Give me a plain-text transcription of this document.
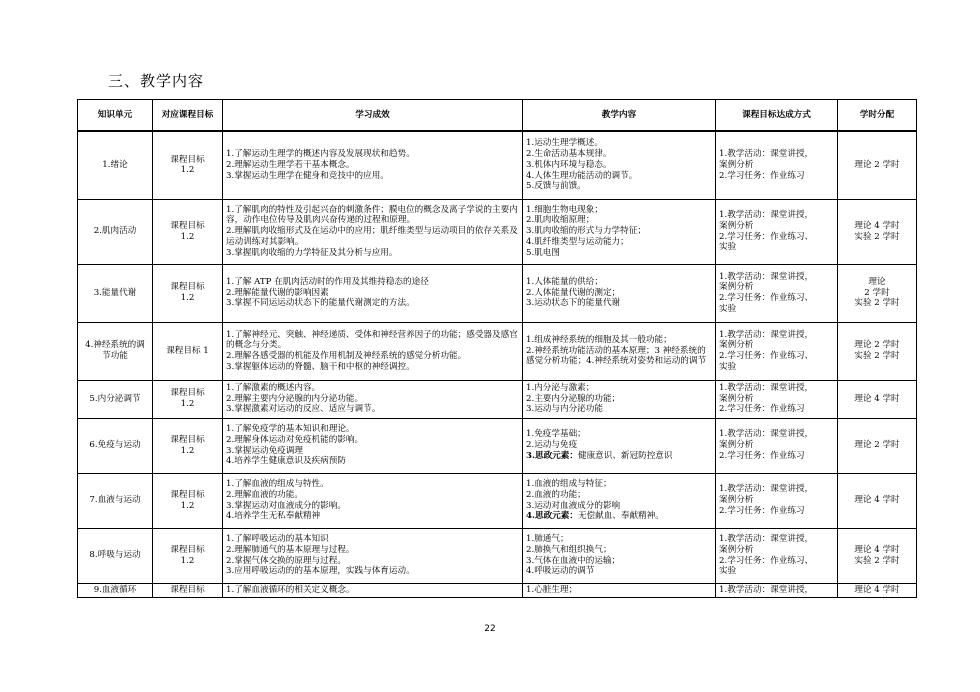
三、教学内容
知识单元	对应课程目标	学习成效	教学内容	课程目标达成方式	学时分配

1.绪论	课程目标
1.2	1.了解运动生理学的概述内容及发展现状和趋势。
2.理解运动生理学若干基本概念。
3.掌握运动生理学在健身和竞技中的应用。	1.运动生理学概述。
2.生命活动基本规律。
3.机体内环境与稳态。
4.人体生理功能活动的调节。
5.反馈与前馈。	1.教学活动：课堂讲授，
案例分析
2.学习任务：作业练习	理论 2 学时

2.肌肉活动	课程目标
1.2	1.了解肌肉的特性及引起兴奋的刺激条件；膜电位的概念及离子学说的主要内容，动作电位传导及肌肉兴奋传递的过程和原理。
2.理解肌肉收缩形式及在运动中的应用；肌纤维类型与运动项目的依存关系及运动训练对其影响。
3.掌握肌肉收缩的力学特征及其分析与应用。	1.细胞生物电现象；
2.肌肉收缩原理；
3.肌肉收缩的形式与力学特征；
4.肌纤维类型与运动能力；
5.肌电图	1.教学活动：课堂讲授，
案例分析
2.学习任务：作业练习、
实验	理论 4 学时
实验 2 学时

3.能量代谢	课程目标
1.2	1.了解 ATP 在肌肉活动时的作用及其维持稳态的途径
2.理解能量代谢的影响因素
3.掌握不同运运动状态下的能量代谢测定的方法。	1.人体能量的供给；
2.人体能量代谢的测定；
3.运动状态下的能量代谢	1.教学活动：课堂讲授，
案例分析
2.学习任务：作业练习、
实验	理论
2 学时
实验 2 学时

4.神经系统的调节功能	课程目标 1	1.了解神经元、突触、神经递质、受体和神经营养因子的功能；感受器及感官的概念与分类。
2.理解各感受器的机能及作用机制及神经系统的感觉分析功能。
3.掌握躯体运动的脊髓、脑干和中枢的神经调控。	1.组成神经系统的细胞及其一般功能；
2.神经系统功能活动的基本原理；3 神经系统的感觉分析功能；4.神经系统对姿势和运动的调节	1.教学活动：课堂讲授，
案例分析
2.学习任务：作业练习、
实验	理论 2 学时
实验 2 学时

5.内分泌调节	课程目标
1.2	1.了解激素的概述内容。
2.理解主要内分泌腺的内分泌功能。
3.掌握激素对运动的反应、适应与调节。	1.内分泌与激素；
2.主要内分泌腺的功能；
3.运动与内分泌功能	1.教学活动：课堂讲授，
案例分析
2.学习任务：作业练习	理论 4 学时

6.免疫与运动	课程目标
1.2	1.了解免疫学的基本知识和理论。
2.理解身体运动对免疫机能的影响。
3.掌握运动免疫调理
4.培养学生健康意识及疾病预防	1.免疫学基础；
2.运动与免疫
3.思政元素：健康意识、新冠防控意识	1.教学活动：课堂讲授，
案例分析
2.学习任务：作业练习	理论 2 学时

7.血液与运动	课程目标
1.2	1.了解血液的组成与特性。
2.理解血液的功能。
3.掌握运动对血液成分的影响。
4.培养学生无私奉献精神	1.血液的组成与特征；
2.血液的功能；
3.运动对血液成分的影响
4.思政元素：无偿献血、奉献精神。	1.教学活动：课堂讲授，
案例分析
2.学习任务：作业练习	理论 4 学时

8.呼吸与运动	课程目标
1.2	1.了解呼吸运动的基本知识
2.理解肺通气的基本原理与过程。
2.掌握气体交换的原理与过程。
3.应用呼吸运动的的基本原理，实践与体育运动。	1.肺通气；
2.肺换气和组织换气；
3.气体在血液中的运输；
4.呼吸运动的调节	1.教学活动：课堂讲授，
案例分析
2.学习任务：作业练习、
实验	理论 4 学时
实验 2 学时

9.血液循环	课程目标	1.了解血液循环的相关定义概念。	1.心脏生理；	1.教学活动：课堂讲授，	理论 4 学时
22
